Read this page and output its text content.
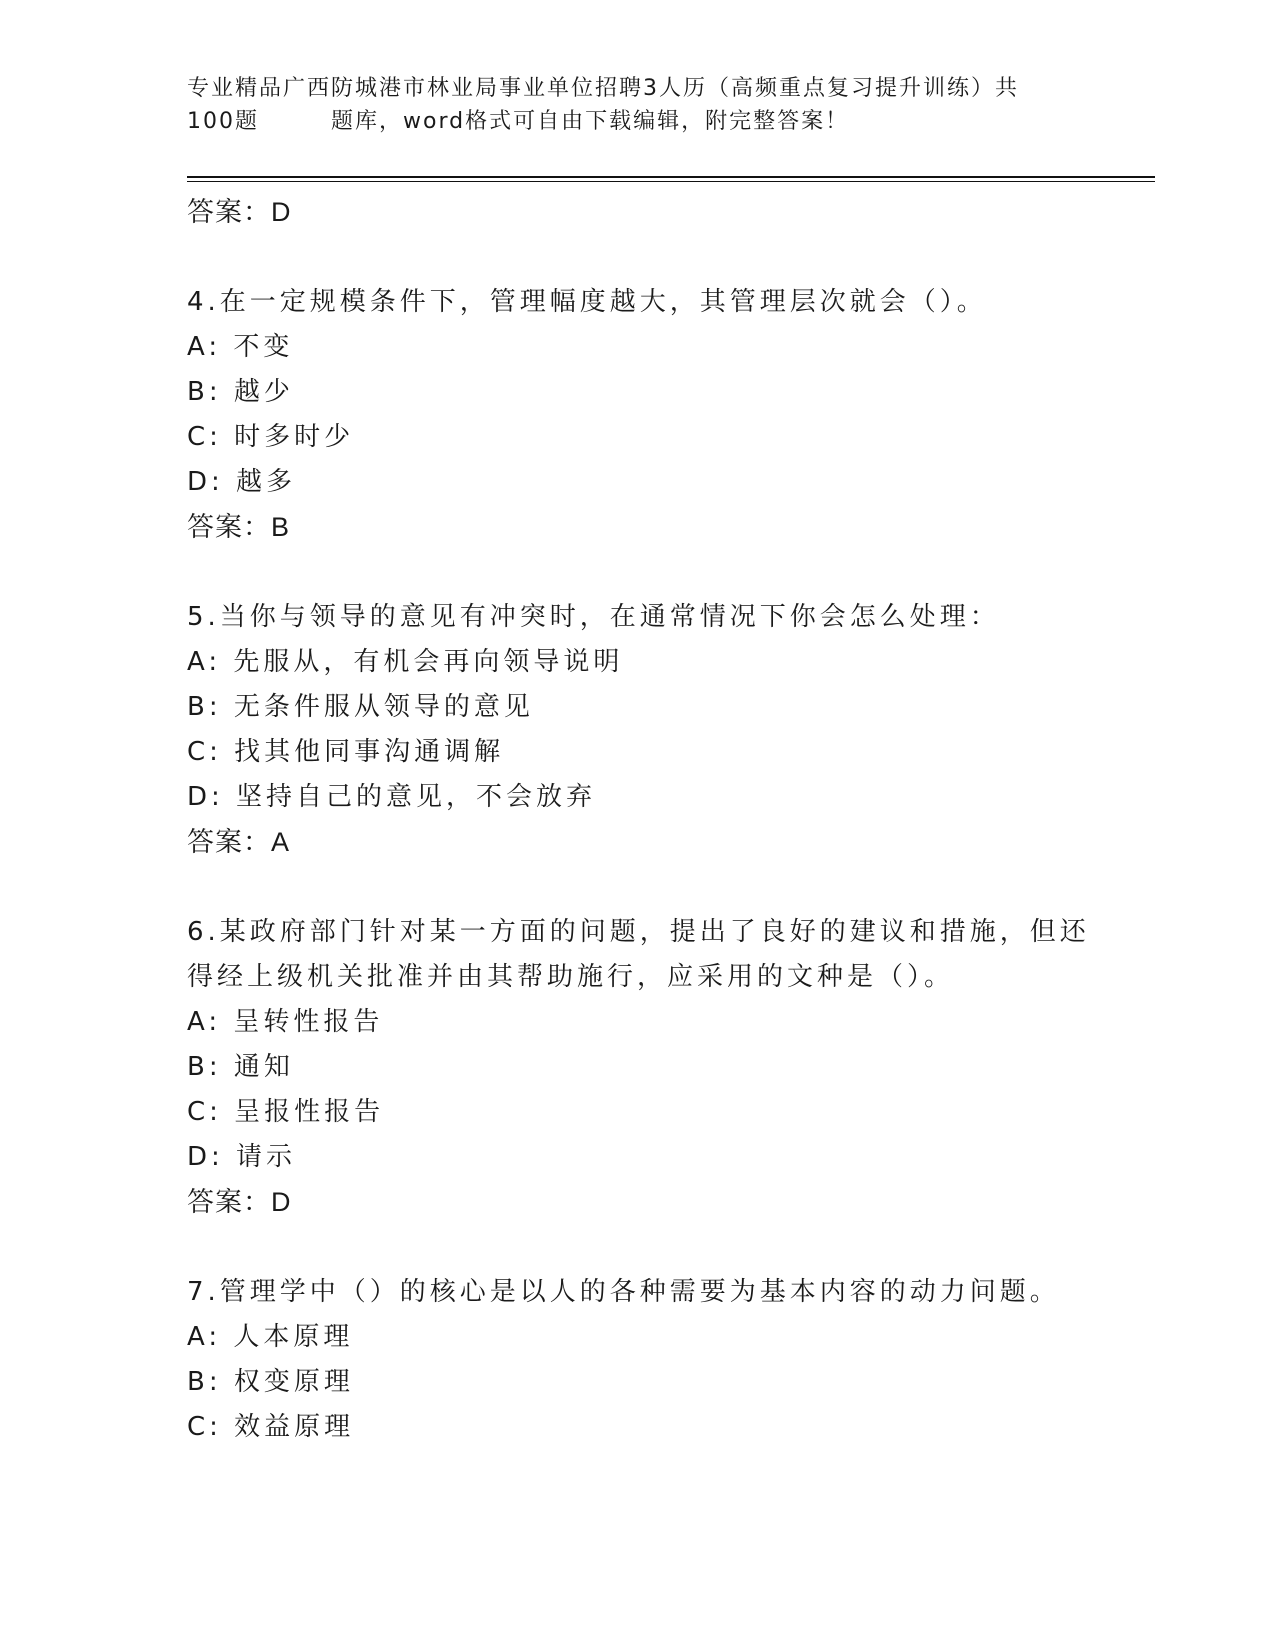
专业精品广西防城港市林业局事业单位招聘3人历（高频重点复习提升训练）共
100题	题库，word格式可自由下载编辑，附完整答案！
答案：D
4.在一定规模条件下，管理幅度越大，其管理层次就会（）。
A: 不变
B: 越少
C: 时多时少
D: 越多
答案：B
5.当你与领导的意见有冲突时，在通常情况下你会怎么处理：
A: 先服从，有机会再向领导说明
B: 无条件服从领导的意见
C: 找其他同事沟通调解
D: 坚持自己的意见，不会放弃
答案：A
6.某政府部门针对某一方面的问题，提出了良好的建议和措施，但还
得经上级机关批准并由其帮助施行，应采用的文种是（）。
A: 呈转性报告
B: 通知
C: 呈报性报告
D: 请示
答案：D
7.管理学中（）的核心是以人的各种需要为基本内容的动力问题。
A: 人本原理
B: 权变原理
C: 效益原理
